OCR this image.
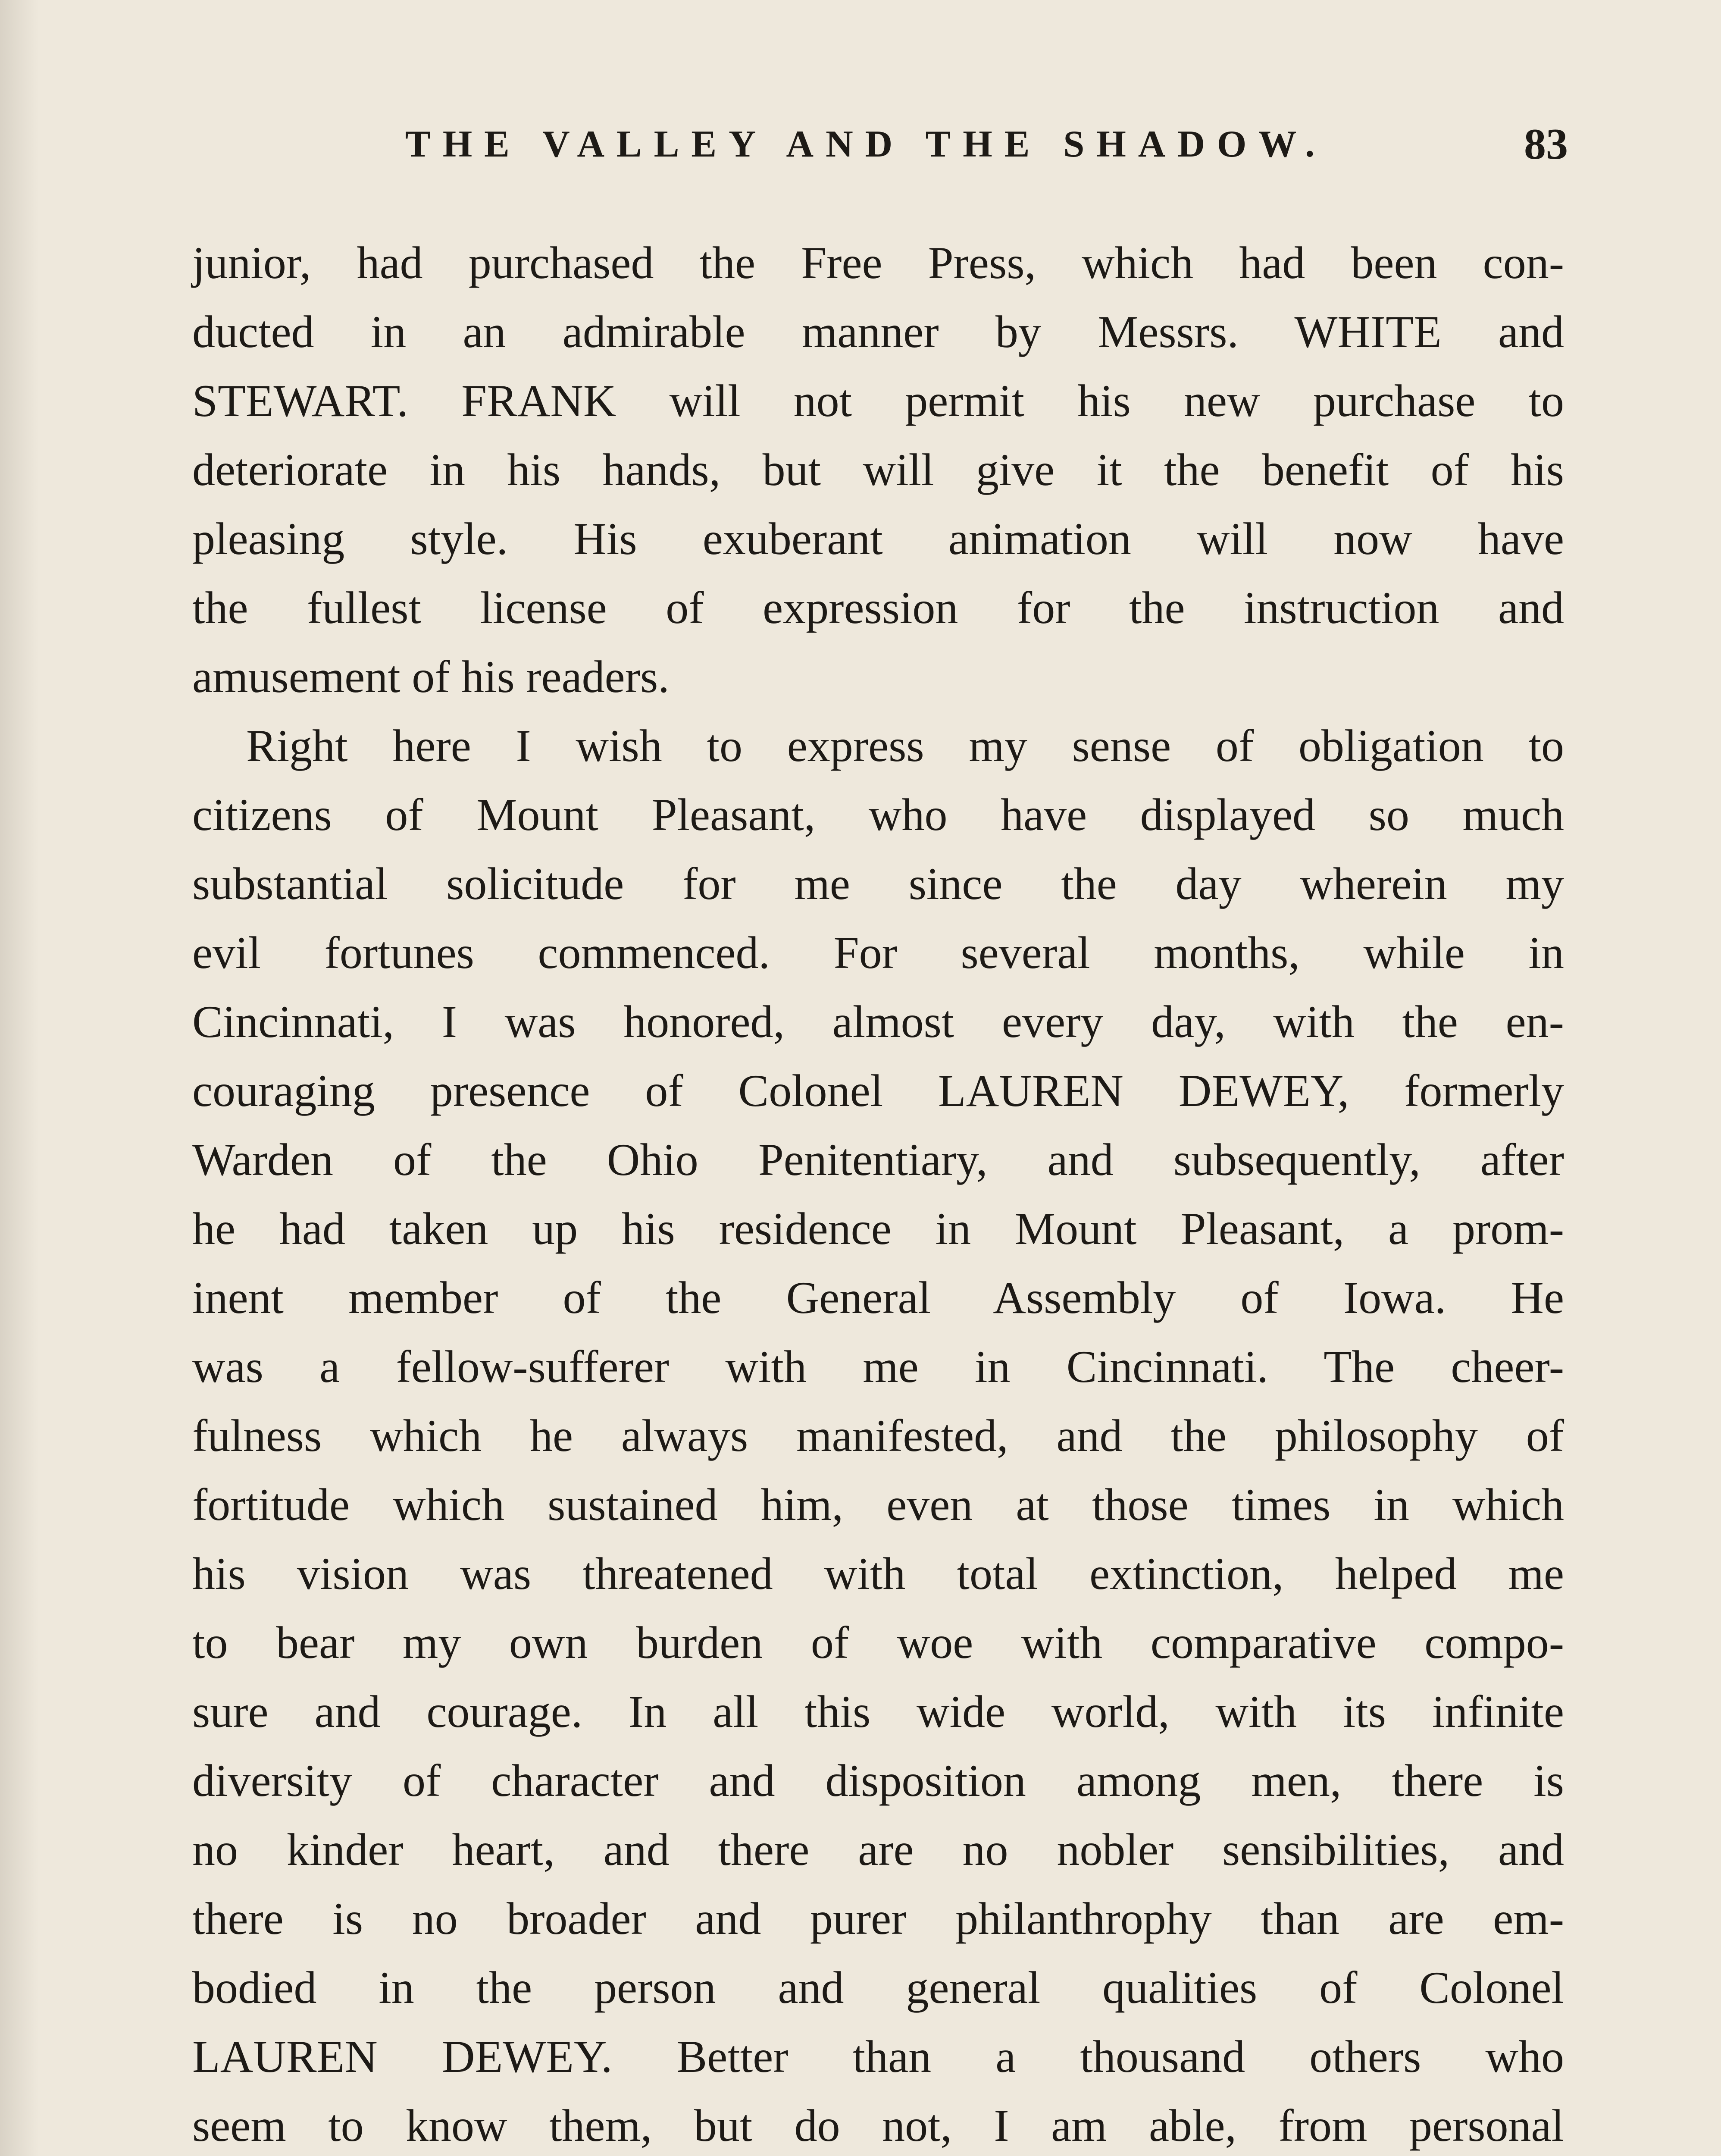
THE VALLEY AND THE SHADOW.	83
junior, had purchased the Free Press, which had been con-
ducted in an admirable manner by Messrs. WHITE and
STEWART. FRANK will not permit his new purchase to
deteriorate in his hands, but will give it the benefit of his
pleasing style. His exuberant animation will now have
the fullest license of expression for the instruction and
amusement of his readers.
Right here I wish to express my sense of obligation to
citizens of Mount Pleasant, who have displayed so much
substantial solicitude for me since the day wherein my
evil fortunes commenced. For several months, while in
Cincinnati, I was honored, almost every day, with the en-
couraging presence of Colonel LAUREN DEWEY, formerly
Warden of the Ohio Penitentiary, and subsequently, after
he had taken up his residence in Mount Pleasant, a prom-
inent member of the General Assembly of Iowa. He
was a fellow-sufferer with me in Cincinnati. The cheer-
fulness which he always manifested, and the philosophy of
fortitude which sustained him, even at those times in which
his vision was threatened with total extinction, helped me
to bear my own burden of woe with comparative compo-
sure and courage. In all this wide world, with its infinite
diversity of character and disposition among men, there is
no kinder heart, and there are no nobler sensibilities, and
there is no broader and purer philanthrophy than are em-
bodied in the person and general qualities of Colonel
LAUREN DEWEY. Better than a thousand others who
seem to know them, but do not, I am able, from personal
